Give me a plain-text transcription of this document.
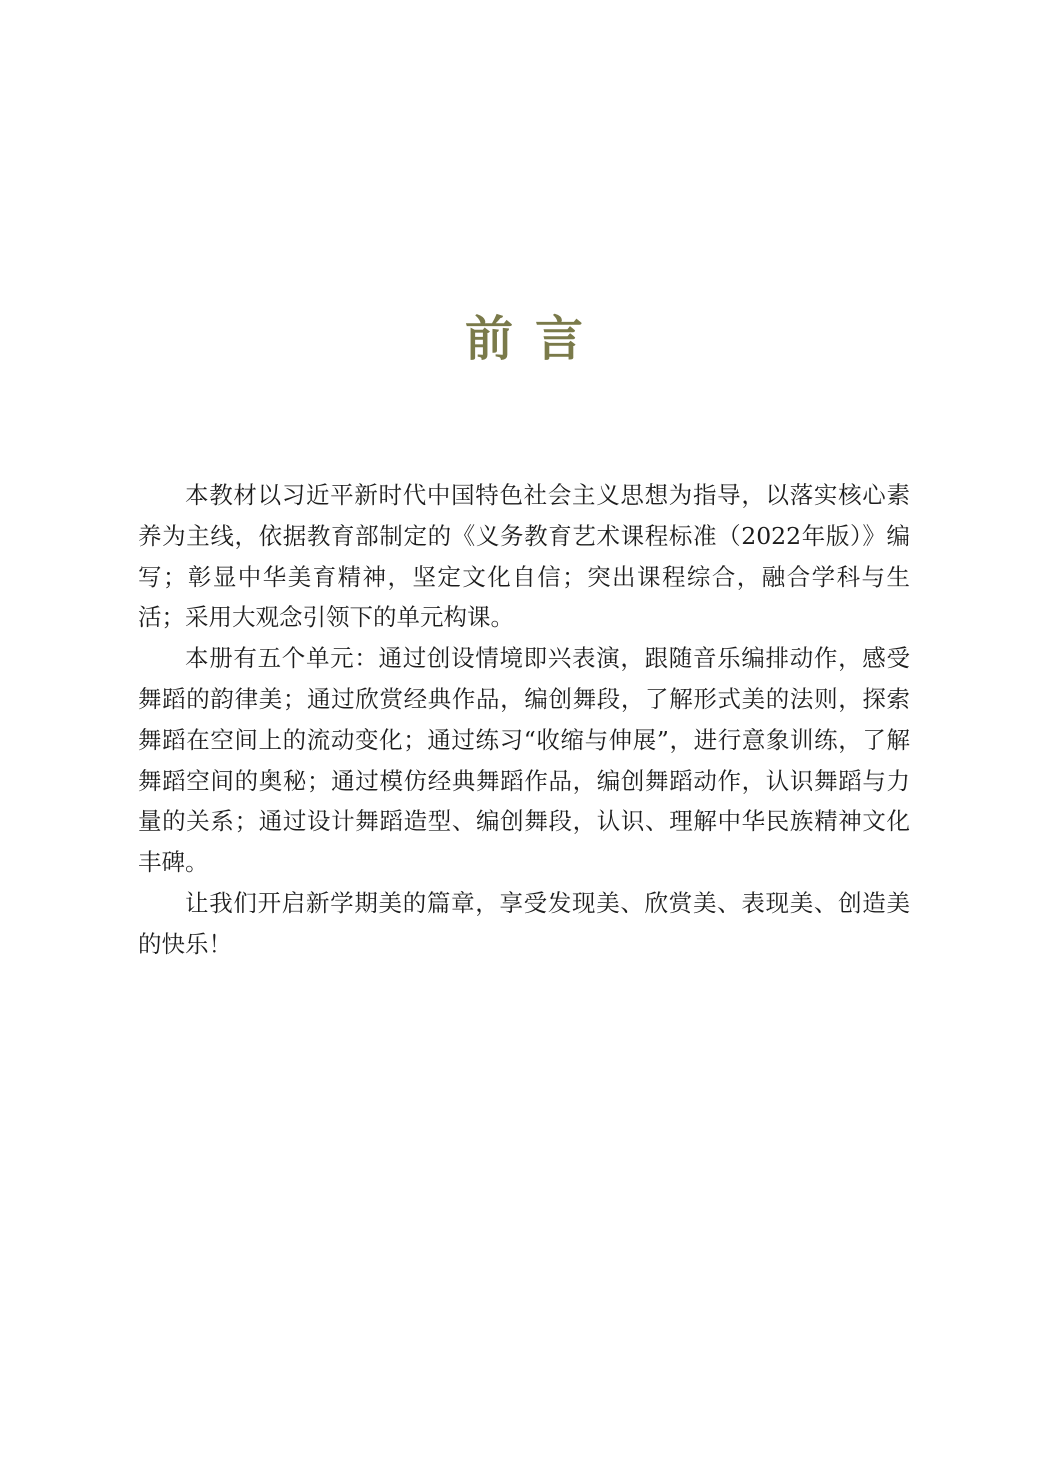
前言

本教材以习近平新时代中国特色社会主义思想为指导，以落实核心素养为主线，依据教育部制定的《义务教育艺术课程标准（2022年版）》编写；彰显中华美育精神，坚定文化自信；突出课程综合，融合学科与生活；采用大观念引领下的单元构课。

本册有五个单元：通过创设情境即兴表演，跟随音乐编排动作，感受舞蹈的韵律美；通过欣赏经典作品，编创舞段，了解形式美的法则，探索舞蹈在空间上的流动变化；通过练习“收缩与伸展”，进行意象训练，了解舞蹈空间的奥秘；通过模仿经典舞蹈作品，编创舞蹈动作，认识舞蹈与力量的关系；通过设计舞蹈造型、编创舞段，认识、理解中华民族精神文化丰碑。

让我们开启新学期美的篇章，享受发现美、欣赏美、表现美、创造美的快乐！
